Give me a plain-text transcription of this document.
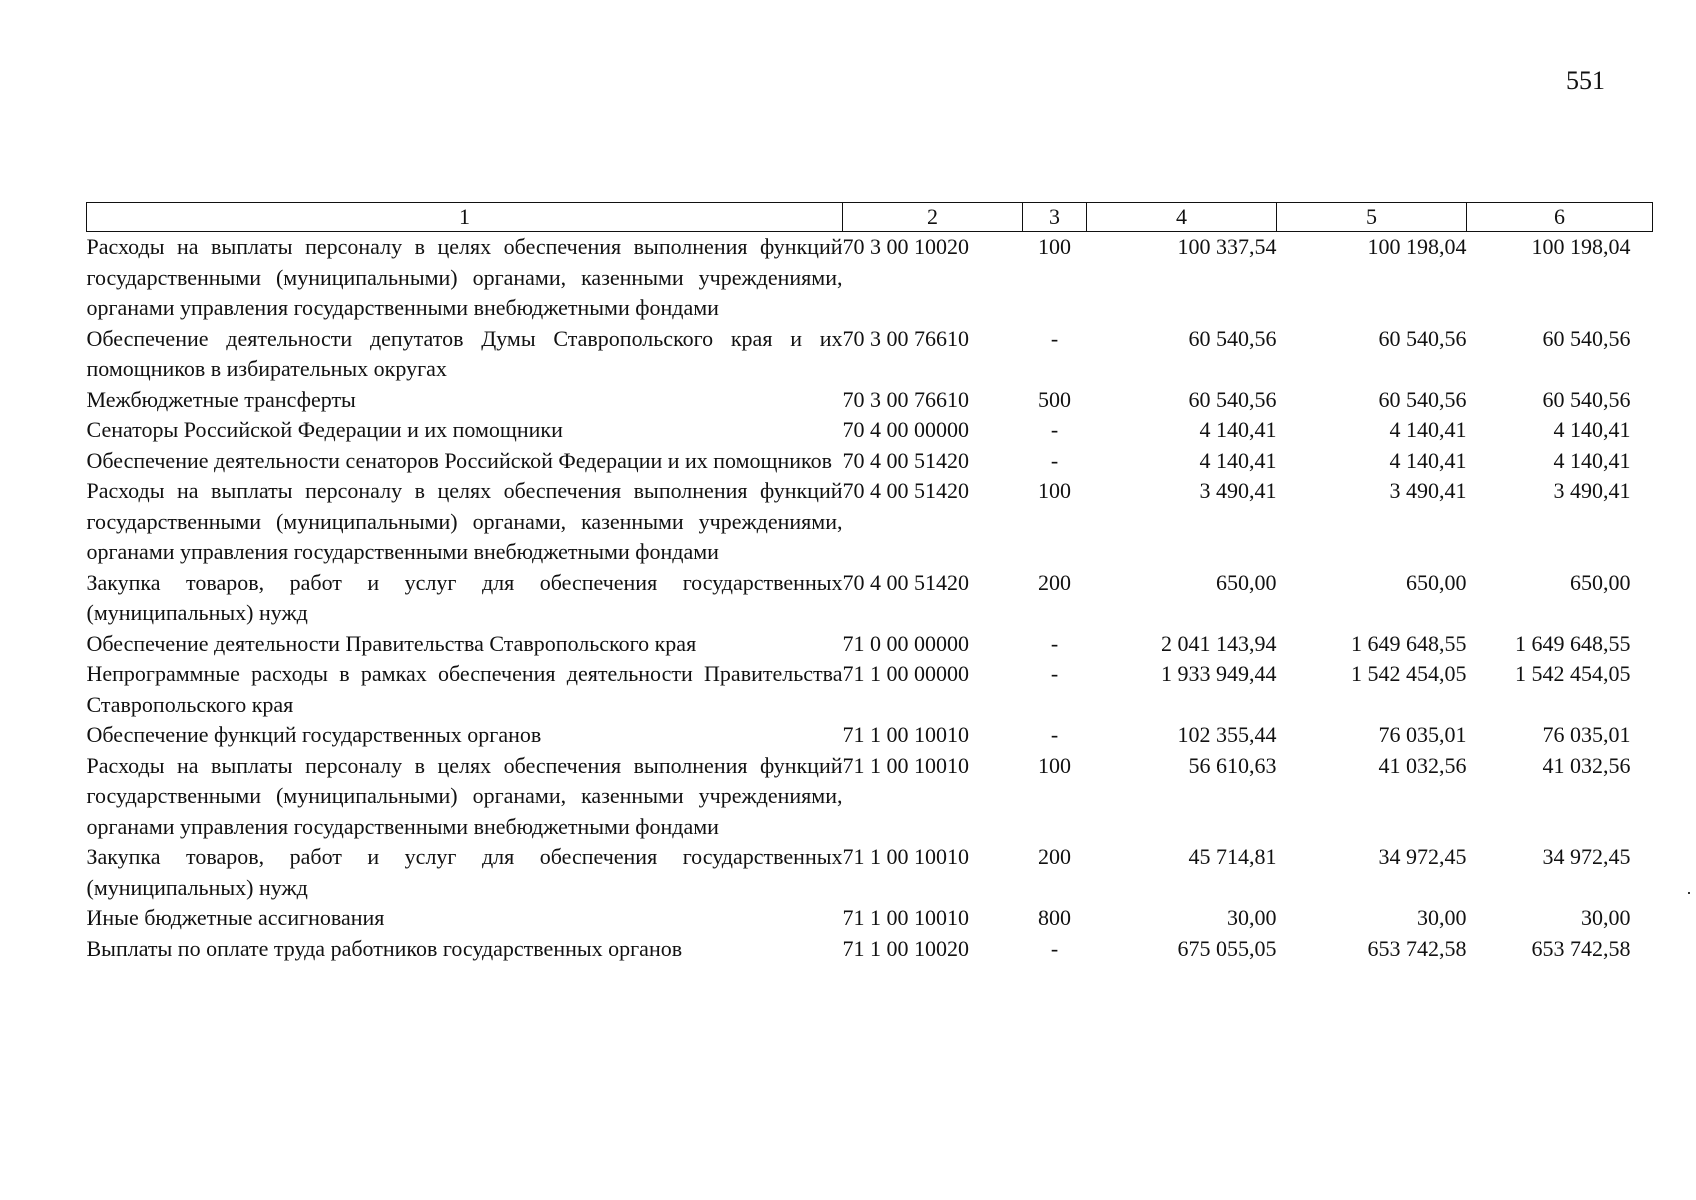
551
1	2	3	4	5	6
Расходы на выплаты персоналу в целях обеспечения выполнения функций государственными (муниципальными) органами, казенными учреждениями, органами управления государственными внебюджетными фондами	70 3 00 10020	100	100 337,54	100 198,04	100 198,04
Обеспечение деятельности депутатов Думы Ставропольского края и их помощников в избирательных округах	70 3 00 76610	-	60 540,56	60 540,56	60 540,56
Межбюджетные трансферты	70 3 00 76610	500	60 540,56	60 540,56	60 540,56
Сенаторы Российской Федерации и их помощники	70 4 00 00000	-	4 140,41	4 140,41	4 140,41
Обеспечение деятельности сенаторов Российской Федерации и их помощников	70 4 00 51420	-	4 140,41	4 140,41	4 140,41
Расходы на выплаты персоналу в целях обеспечения выполнения функций государственными (муниципальными) органами, казенными учреждениями, органами управления государственными внебюджетными фондами	70 4 00 51420	100	3 490,41	3 490,41	3 490,41
Закупка товаров, работ и услуг для обеспечения государственных (муниципальных) нужд	70 4 00 51420	200	650,00	650,00	650,00
Обеспечение деятельности Правительства Ставропольского края	71 0 00 00000	-	2 041 143,94	1 649 648,55	1 649 648,55
Непрограммные расходы в рамках обеспечения деятельности Правительства Ставропольского края	71 1 00 00000	-	1 933 949,44	1 542 454,05	1 542 454,05
Обеспечение функций государственных органов	71 1 00 10010	-	102 355,44	76 035,01	76 035,01
Расходы на выплаты персоналу в целях обеспечения выполнения функций государственными (муниципальными) органами, казенными учреждениями, органами управления государственными внебюджетными фондами	71 1 00 10010	100	56 610,63	41 032,56	41 032,56
Закупка товаров, работ и услуг для обеспечения государственных (муниципальных) нужд	71 1 00 10010	200	45 714,81	34 972,45	34 972,45
Иные бюджетные ассигнования	71 1 00 10010	800	30,00	30,00	30,00
Выплаты по оплате труда работников государственных органов	71 1 00 10020	-	675 055,05	653 742,58	653 742,58
